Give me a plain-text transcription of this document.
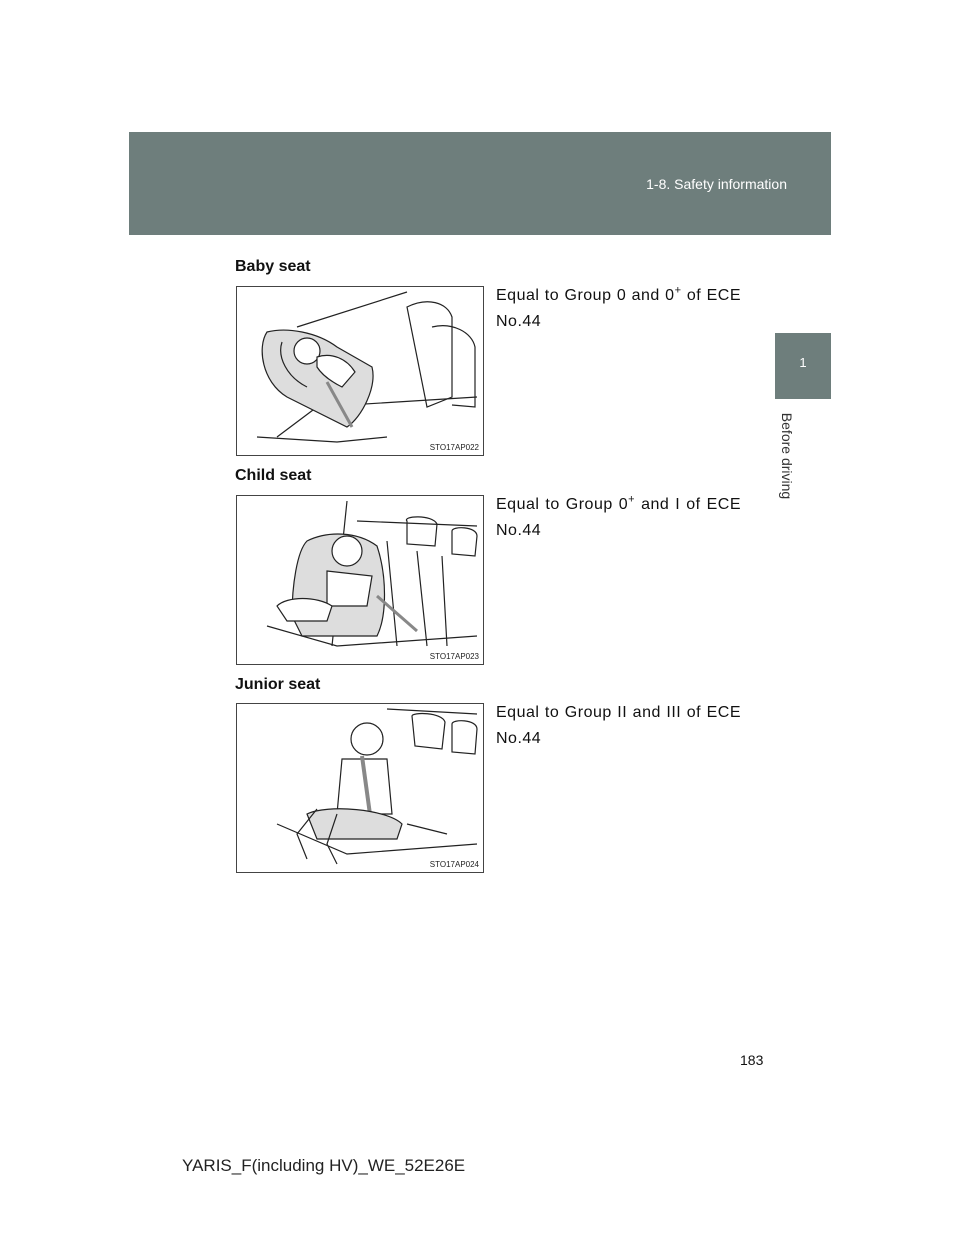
1-8. Safety information
1
Before driving
Baby seat
STO17AP022
Equal to Group 0 and 0+ of ECE No.44
Child seat
STO17AP023
Equal to Group 0+ and I of ECE No.44
Junior seat
STO17AP024
Equal to Group II and III of ECE No.44
183
YARIS_F(including HV)_WE_52E26E
